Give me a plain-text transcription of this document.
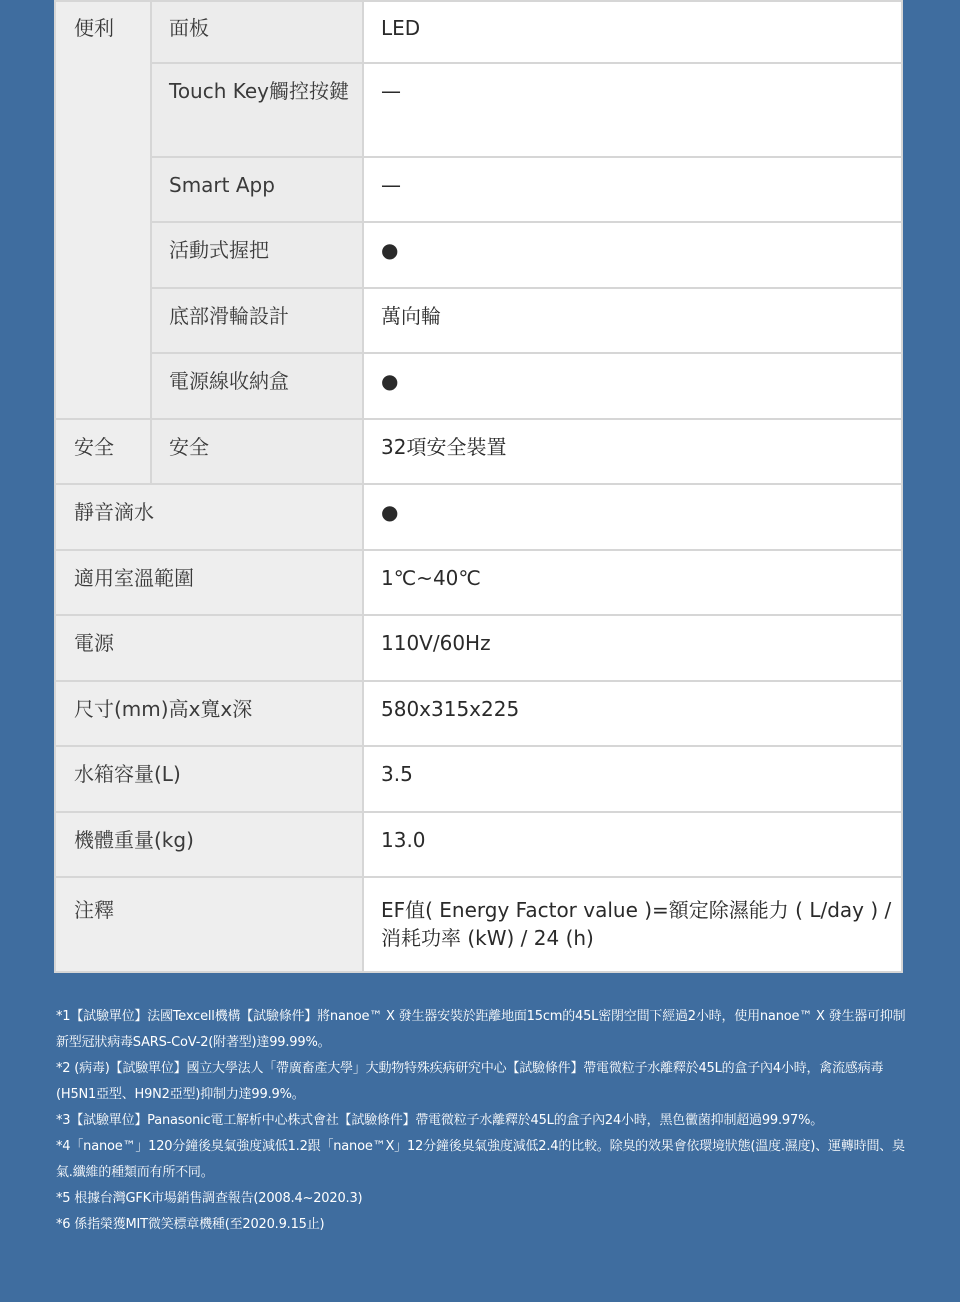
便利	面板	LED
	Touch Key觸控按鍵	—
	Smart App	—
	活動式握把	●
	底部滑輪設計	萬向輪
	電源線收納盒	●
安全	安全	32項安全裝置
靜音滴水		●
適用室溫範圍		1℃~40℃
電源		110V/60Hz
尺寸(mm)高x寬x深		580x315x225
水箱容量(L)		3.5
機體重量(kg)		13.0
注釋		EF值( Energy Factor value )=額定除濕能力 ( L/day ) / 消耗功率 (kW) / 24 (h)
*1【試驗單位】法國Texcell機構【試驗條件】將nanoe™ X 發生器安裝於距離地面15cm的45L密閉空間下經過2小時，使用nanoe™ X 發生器可抑制新型冠狀病毒SARS-CoV-2(附著型)達99.99%。
*2 (病毒)【試驗單位】國立大學法人「帶廣畜產大學」大動物特殊疾病研究中心【試驗條件】帶電微粒子水離釋於45L的盒子內4小時，禽流感病毒(H5N1亞型、H9N2亞型)抑制力達99.9%。
*3【試驗單位】Panasonic電工解析中心株式會社【試驗條件】帶電微粒子水離釋於45L的盒子內24小時，黑色黴菌抑制超過99.97%。
*4「nanoe™」120分鐘後臭氣強度減低1.2跟「nanoe™X」12分鐘後臭氣強度減低2.4的比較。除臭的效果會依環境狀態(溫度.濕度)、運轉時間、臭氣.纖維的種類而有所不同。
*5 根據台灣GFK市場銷售調查報告(2008.4~2020.3)
*6 係指榮獲MIT微笑標章機種(至2020.9.15止)
